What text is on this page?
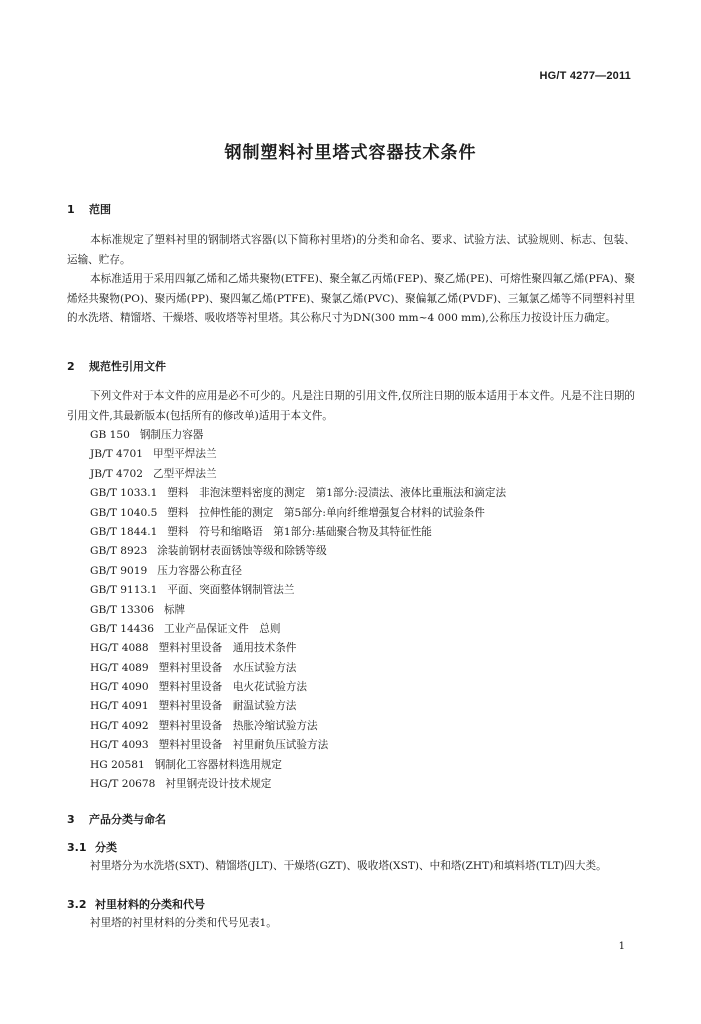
HG/T 4277—2011
钢制塑料衬里塔式容器技术条件
1 范围
本标准规定了塑料衬里的钢制塔式容器(以下简称衬里塔)的分类和命名、要求、试验方法、试验规则、标志、包装、运输、贮存。
本标准适用于采用四氟乙烯和乙烯共聚物(ETFE)、聚全氟乙丙烯(FEP)、聚乙烯(PE)、可熔性聚四氟乙烯(PFA)、聚烯烃共聚物(PO)、聚丙烯(PP)、聚四氟乙烯(PTFE)、聚氯乙烯(PVC)、聚偏氟乙烯(PVDF)、三氟氯乙烯等不同塑料衬里的水洗塔、精馏塔、干燥塔、吸收塔等衬里塔。其公称尺寸为DN(300 mm~4 000 mm),公称压力按设计压力确定。
2 规范性引用文件
下列文件对于本文件的应用是必不可少的。凡是注日期的引用文件,仅所注日期的版本适用于本文件。凡是不注日期的引用文件,其最新版本(包括所有的修改单)适用于本文件。
GB 150 钢制压力容器
JB/T 4701 甲型平焊法兰
JB/T 4702 乙型平焊法兰
GB/T 1033.1 塑料　非泡沫塑料密度的测定　第1部分:浸渍法、液体比重瓶法和滴定法
GB/T 1040.5 塑料　拉伸性能的测定　第5部分:单向纤维增强复合材料的试验条件
GB/T 1844.1 塑料　符号和缩略语　第1部分:基础聚合物及其特征性能
GB/T 8923 涂装前钢材表面锈蚀等级和除锈等级
GB/T 9019 压力容器公称直径
GB/T 9113.1 平面、突面整体钢制管法兰
GB/T 13306 标牌
GB/T 14436 工业产品保证文件　总则
HG/T 4088 塑料衬里设备　通用技术条件
HG/T 4089 塑料衬里设备　水压试验方法
HG/T 4090 塑料衬里设备　电火花试验方法
HG/T 4091 塑料衬里设备　耐温试验方法
HG/T 4092 塑料衬里设备　热胀冷缩试验方法
HG/T 4093 塑料衬里设备　衬里耐负压试验方法
HG 20581 钢制化工容器材料选用规定
HG/T 20678 衬里钢壳设计技术规定
3 产品分类与命名
3.1 分类
衬里塔分为水洗塔(SXT)、精馏塔(JLT)、干燥塔(GZT)、吸收塔(XST)、中和塔(ZHT)和填料塔(TLT)四大类。
3.2 衬里材料的分类和代号
衬里塔的衬里材料的分类和代号见表1。
1
